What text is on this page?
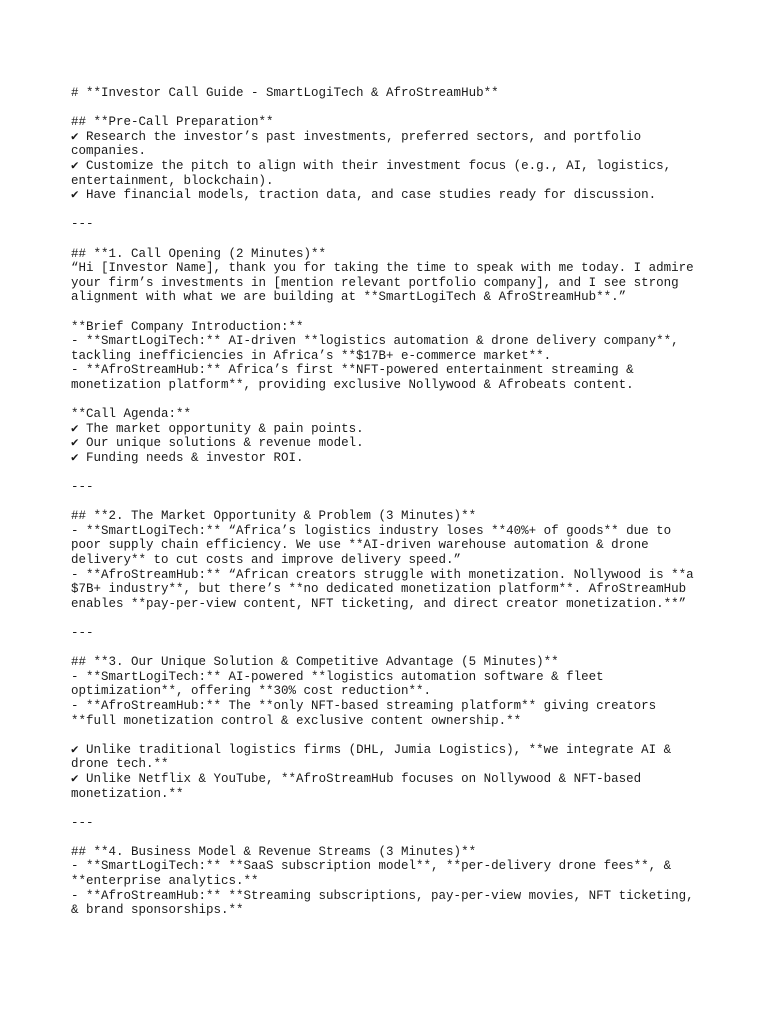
# **Investor Call Guide - SmartLogiTech & AfroStreamHub**
## **Pre-Call Preparation**
✔ Research the investor’s past investments, preferred sectors, and portfolio
companies.
✔ Customize the pitch to align with their investment focus (e.g., AI, logistics,
entertainment, blockchain).
✔ Have financial models, traction data, and case studies ready for discussion.
---
## **1. Call Opening (2 Minutes)**
“Hi [Investor Name], thank you for taking the time to speak with me today. I admire
your firm’s investments in [mention relevant portfolio company], and I see strong
alignment with what we are building at **SmartLogiTech & AfroStreamHub**.”
**Brief Company Introduction:**
- **SmartLogiTech:** AI-driven **logistics automation & drone delivery company**,
tackling inefficiencies in Africa’s **$17B+ e-commerce market**.
- **AfroStreamHub:** Africa’s first **NFT-powered entertainment streaming &
monetization platform**, providing exclusive Nollywood & Afrobeats content.
**Call Agenda:**
✔ The market opportunity & pain points.
✔ Our unique solutions & revenue model.
✔ Funding needs & investor ROI.
---
## **2. The Market Opportunity & Problem (3 Minutes)**
- **SmartLogiTech:** “Africa’s logistics industry loses **40%+ of goods** due to
poor supply chain efficiency. We use **AI-driven warehouse automation & drone
delivery** to cut costs and improve delivery speed.”
- **AfroStreamHub:** “African creators struggle with monetization. Nollywood is **a
$7B+ industry**, but there’s **no dedicated monetization platform**. AfroStreamHub
enables **pay-per-view content, NFT ticketing, and direct creator monetization.**”
---
## **3. Our Unique Solution & Competitive Advantage (5 Minutes)**
- **SmartLogiTech:** AI-powered **logistics automation software & fleet
optimization**, offering **30% cost reduction**.
- **AfroStreamHub:** The **only NFT-based streaming platform** giving creators
**full monetization control & exclusive content ownership.**
✔ Unlike traditional logistics firms (DHL, Jumia Logistics), **we integrate AI &
drone tech.**
✔ Unlike Netflix & YouTube, **AfroStreamHub focuses on Nollywood & NFT-based
monetization.**
---
## **4. Business Model & Revenue Streams (3 Minutes)**
- **SmartLogiTech:** **SaaS subscription model**, **per-delivery drone fees**, &
**enterprise analytics.**
- **AfroStreamHub:** **Streaming subscriptions, pay-per-view movies, NFT ticketing,
& brand sponsorships.**
